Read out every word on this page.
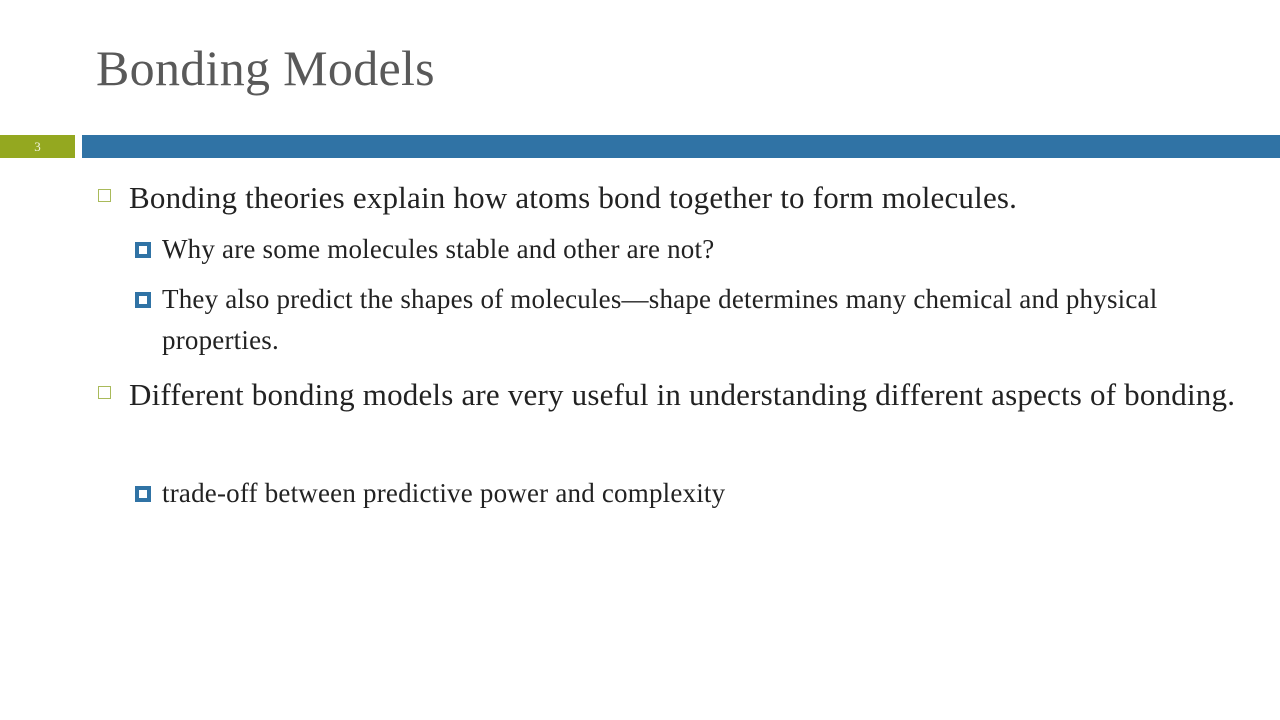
Bonding Models
3
Bonding theories explain how atoms bond together to form molecules.
Why are some molecules stable and other are not?
They also predict the shapes of molecules—shape determines many chemical and physical properties.
Different bonding models are very useful in understanding different aspects of bonding.
trade-off between predictive power and complexity
